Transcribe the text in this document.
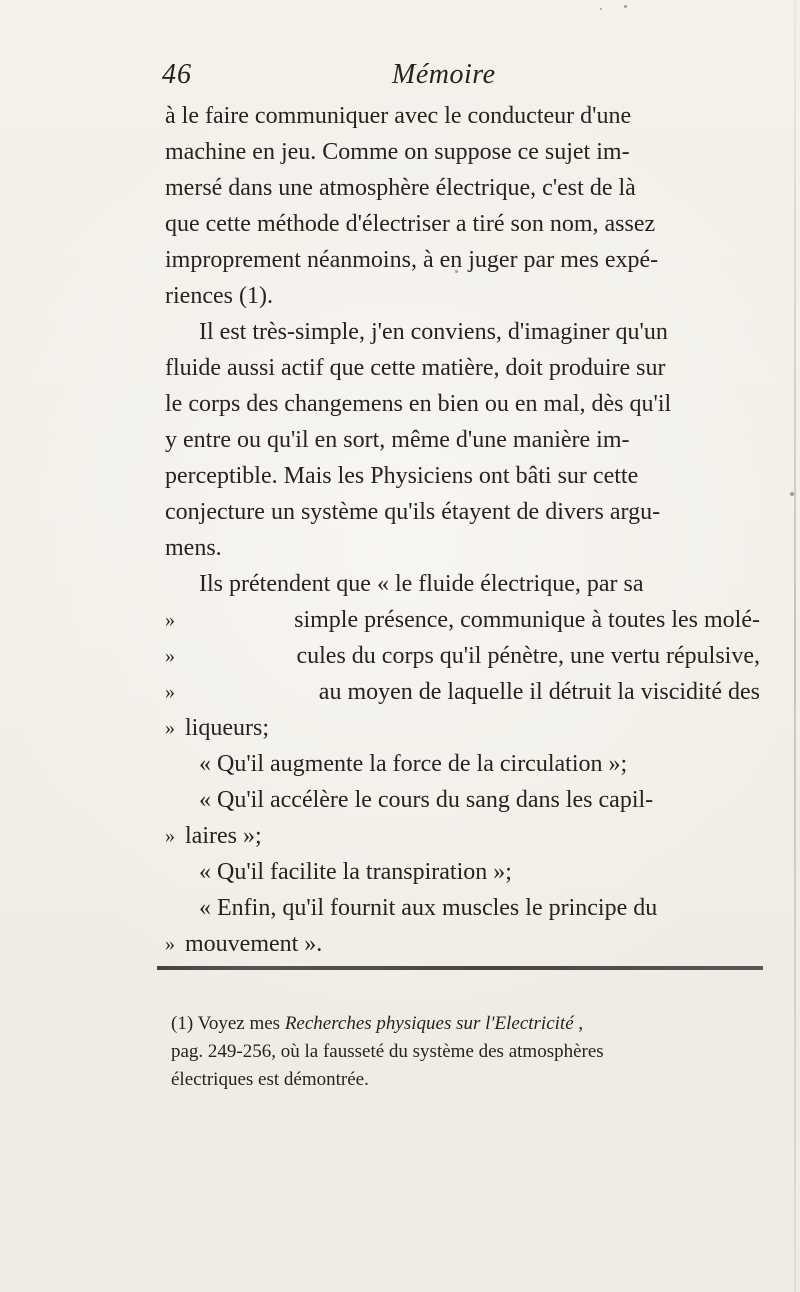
46	Mémoire
à le faire communiquer avec le conducteur d'une
machine en jeu. Comme on suppose ce sujet im-
mersé dans une atmosphère électrique, c'est de là
que cette méthode d'électriser a tiré son nom, assez
improprement néanmoins, à en juger par mes expé-
riences (1).
Il est très-simple, j'en conviens, d'imaginer qu'un
fluide aussi actif que cette matière, doit produire sur
le corps des changemens en bien ou en mal, dès qu'il
y entre ou qu'il en sort, même d'une manière im-
perceptible. Mais les Physiciens ont bâti sur cette
conjecture un système qu'ils étayent de divers argu-
mens.
Ils prétendent que « le fluide électrique, par sa
»	simple présence, communique à toutes les molé-
»	cules du corps qu'il pénètre, une vertu répulsive,
»	au moyen de laquelle il détruit la viscidité des
» liqueurs;
« Qu'il augmente la force de la circulation »;
« Qu'il accélère le cours du sang dans les capil-
» laires »;
« Qu'il facilite la transpiration »;
« Enfin, qu'il fournit aux muscles le principe du
» mouvement ».
(1) Voyez mes Recherches physiques sur l'Electricité ,
pag. 249-256, où la fausseté du système des atmosphères
électriques est démontrée.
